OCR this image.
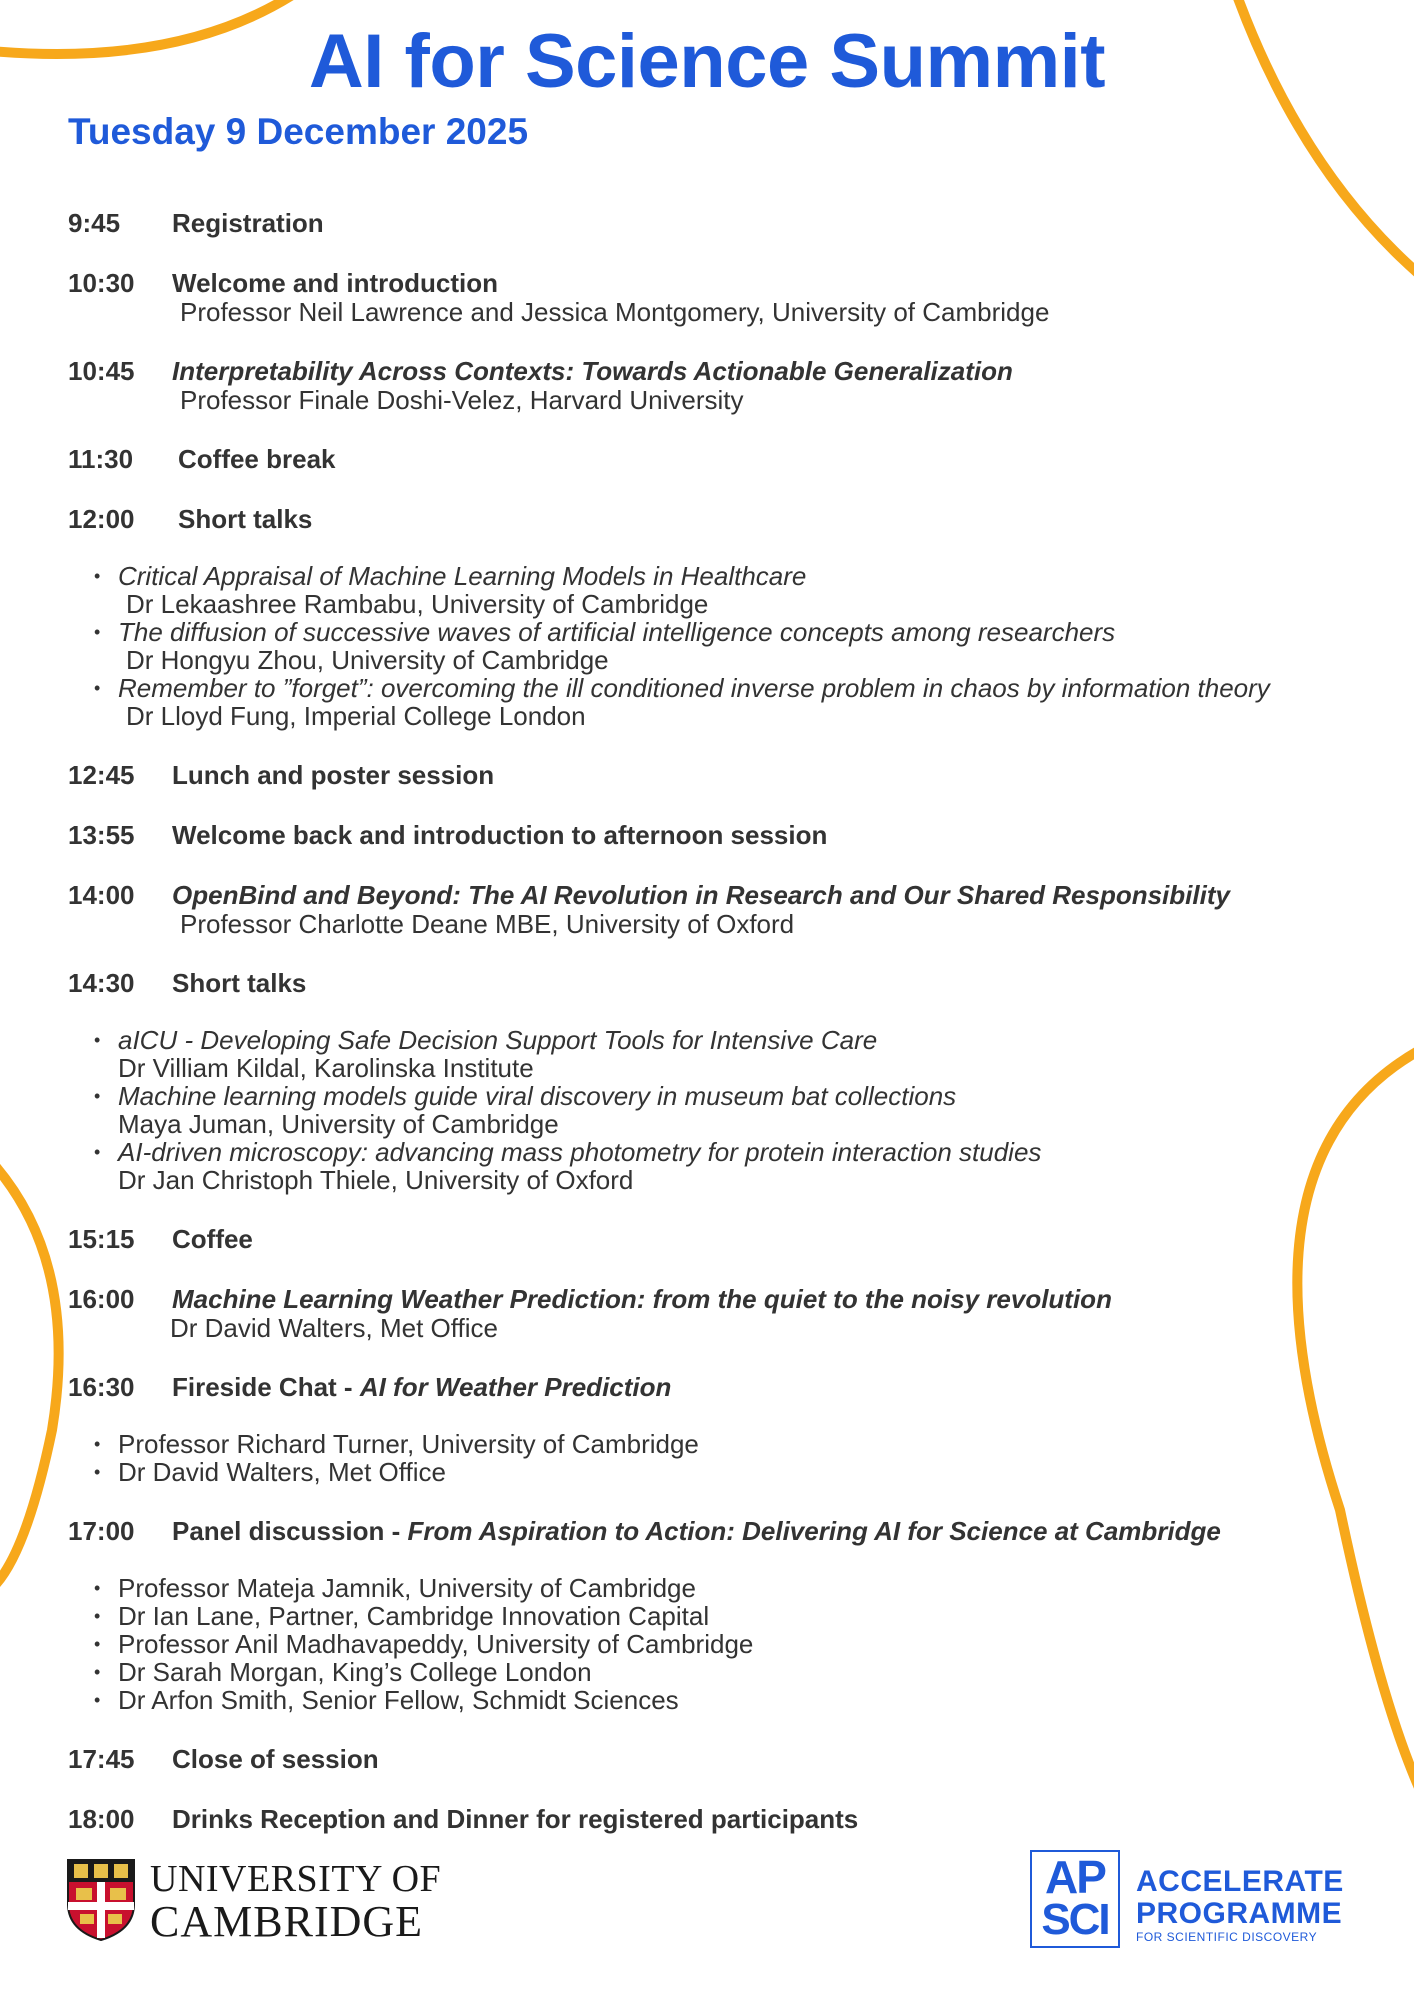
AI for Science Summit
Tuesday 9 December 2025
9:45	Registration
10:30	Welcome and introduction
Professor Neil Lawrence and Jessica Montgomery, University of Cambridge
10:45	Interpretability Across Contexts: Towards Actionable Generalization
Professor Finale Doshi-Velez, Harvard University
11:30	Coffee break
12:00	Short talks
• Critical Appraisal of Machine Learning Models in Healthcare
Dr Lekaashree Rambabu, University of Cambridge
• The diffusion of successive waves of artificial intelligence concepts among researchers
Dr Hongyu Zhou, University of Cambridge
• Remember to ”forget”: overcoming the ill conditioned inverse problem in chaos by information theory
Dr Lloyd Fung, Imperial College London
12:45	Lunch and poster session
13:55	Welcome back and introduction to afternoon session
14:00	OpenBind and Beyond: The AI Revolution in Research and Our Shared Responsibility
Professor Charlotte Deane MBE, University of Oxford
14:30	Short talks
• aICU - Developing Safe Decision Support Tools for Intensive Care
Dr Villiam Kildal, Karolinska Institute
• Machine learning models guide viral discovery in museum bat collections
Maya Juman, University of Cambridge
• AI-driven microscopy: advancing mass photometry for protein interaction studies
Dr Jan Christoph Thiele, University of Oxford
15:15	Coffee
16:00	Machine Learning Weather Prediction: from the quiet to the noisy revolution
Dr David Walters, Met Office
16:30	Fireside Chat - AI for Weather Prediction
• Professor Richard Turner, University of Cambridge
• Dr David Walters, Met Office
17:00	Panel discussion - From Aspiration to Action: Delivering AI for Science at Cambridge
• Professor Mateja Jamnik, University of Cambridge
• Dr Ian Lane, Partner, Cambridge Innovation Capital
• Professor Anil Madhavapeddy, University of Cambridge
• Dr Sarah Morgan, King’s College London
• Dr Arfon Smith, Senior Fellow, Schmidt Sciences
17:45	Close of session
18:00	Drinks Reception and Dinner for registered participants
UNIVERSITY OF
CAMBRIDGE
AP
SCI
ACCELERATE
PROGRAMME
FOR SCIENTIFIC DISCOVERY
